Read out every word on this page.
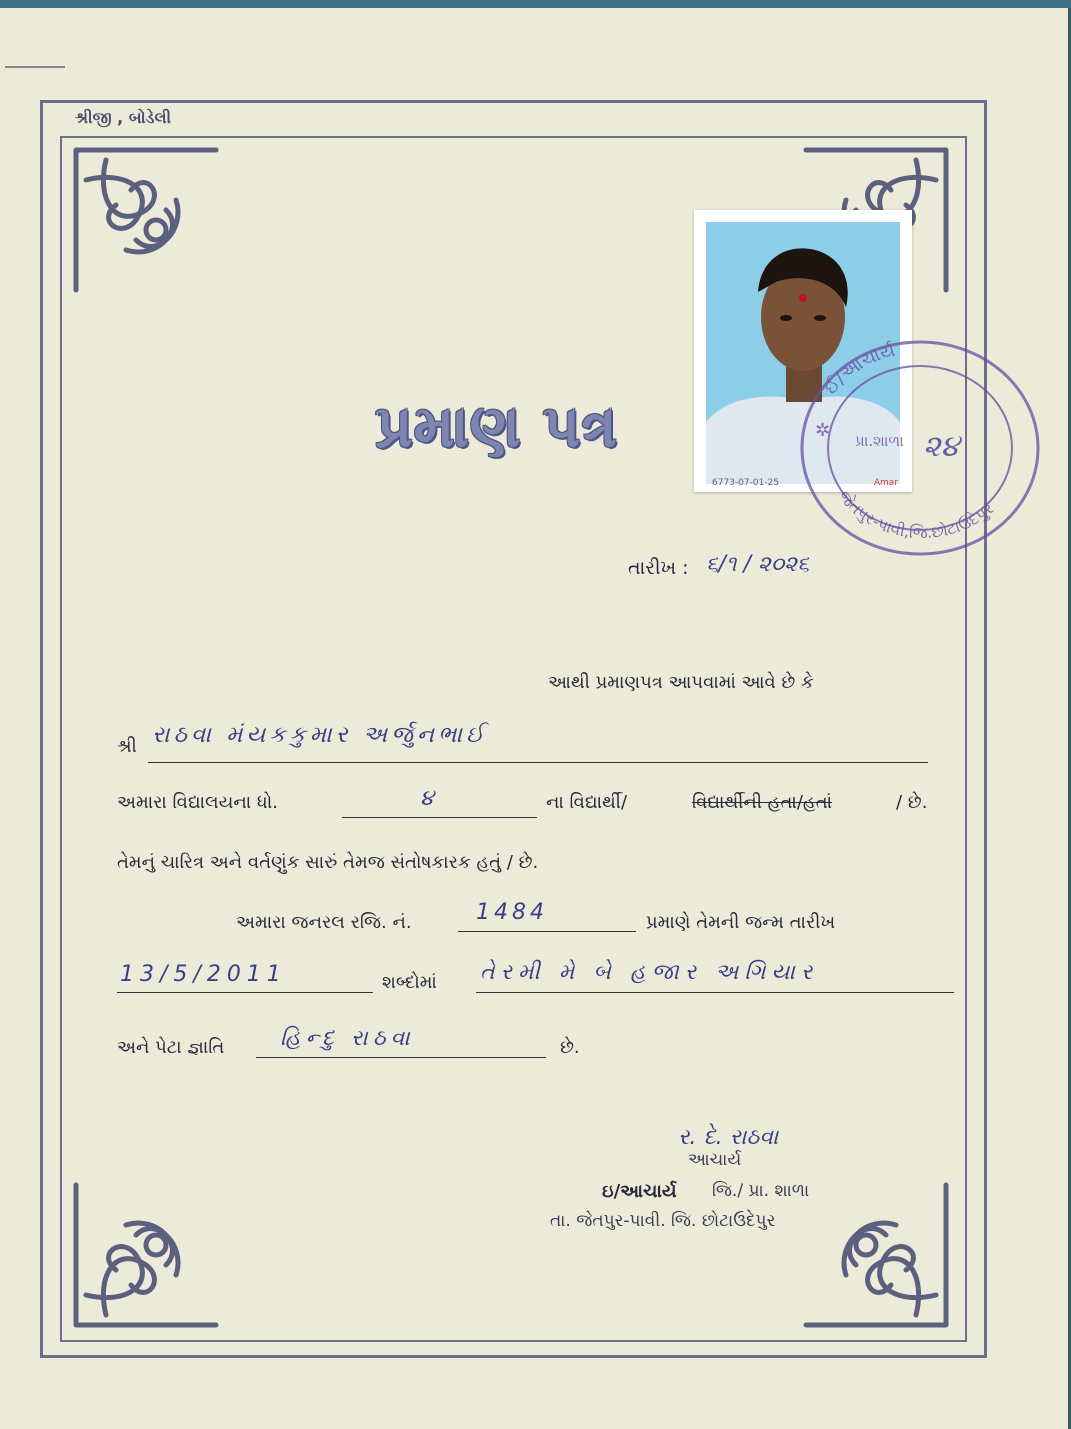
શ્રીજી , બોડેલી
પ્રમાણ પત્ર
6773-07-01-25	Amar
ઈ/આચાર્ય
જેતપુર-પાવી,જિ.છોટાઉદેપુર
પ્રા.શાળા ૨૪
✲
તારીખ : ૬/૧ / ૨૦૨૬
આથી પ્રમાણપત્ર આપવામાં આવે છે કે
શ્રી રાઠવા મંયકકુમાર અર્જુનભાઈ
અમારા વિદ્યાલયના ધો.	૪	ના વિદ્યાર્થી/	વિદ્યાર્થીની હતા/હતાં	/ છે.
તેમનું ચારિત્ર અને વર્તણુંક સારું તેમજ સંતોષકારક હતું / છે.
અમારા જનરલ રજિ. નં.	1484	પ્રમાણે તેમની જન્મ તારીખ
13/5/2011	શબ્દોમાં તેરમી મે બે હજાર અગિયાર
અને પેટા જ્ઞાતિ	હિન્દુ રાઠવા	છે.
ર. દે. રાઠવા
આચાર્ય
ઇ/આચાર્ય જિ./ પ્રા. શાળા
તા. જેતપુર-પાવી. જિ. છોટાઉદેપુર
